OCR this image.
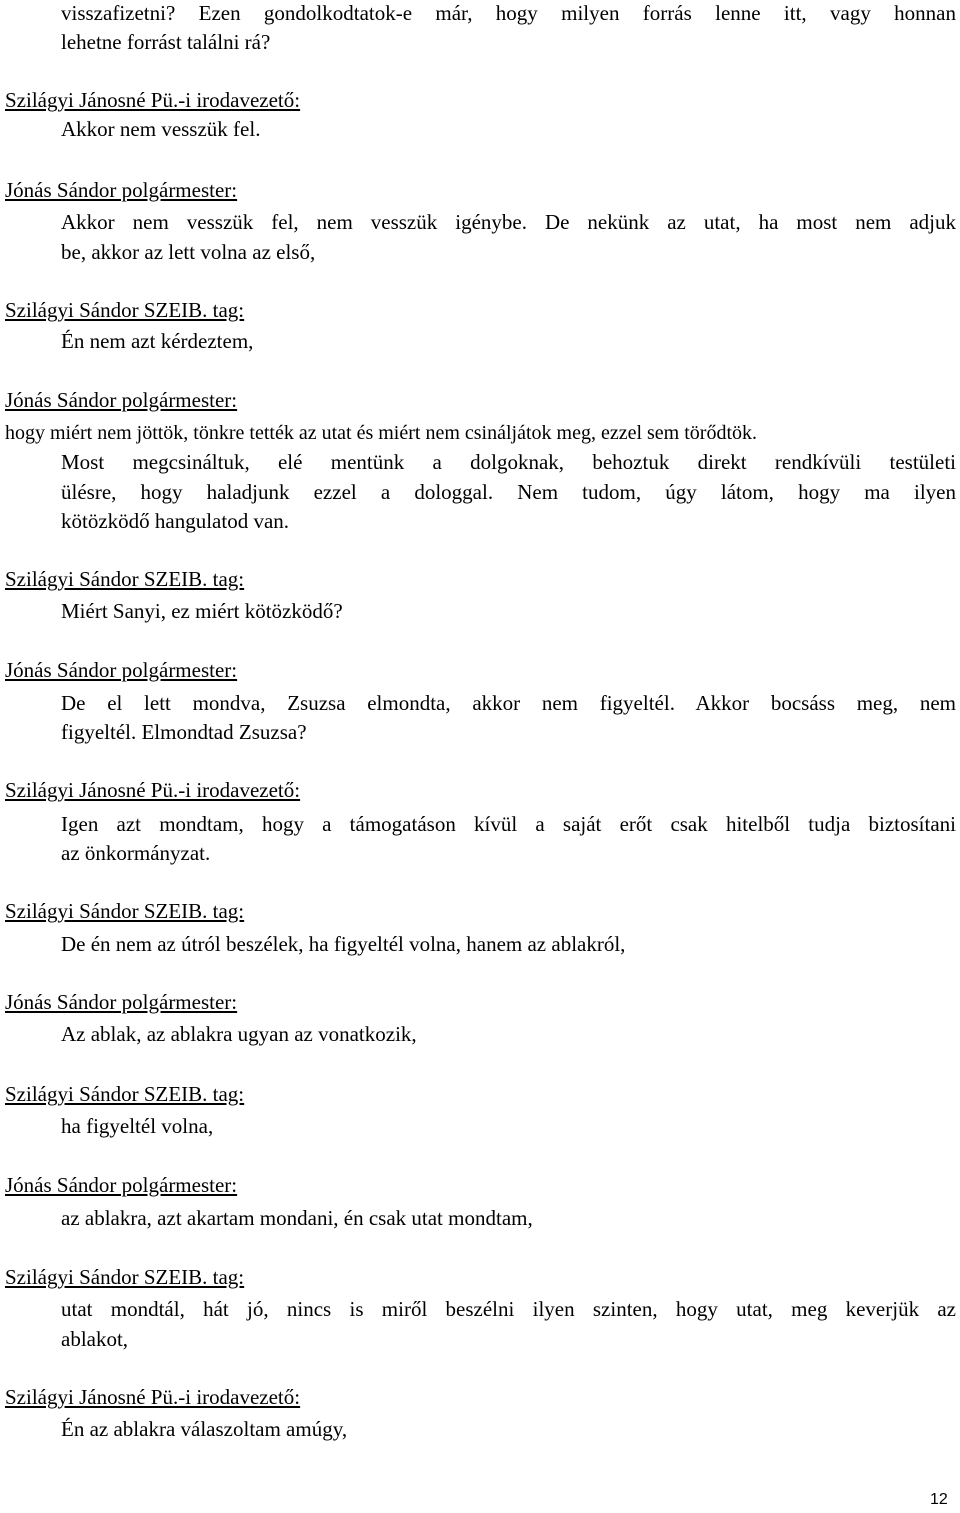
visszafizetni? Ezen gondolkodtatok-e már, hogy milyen forrás lenne itt, vagy honnan
lehetne forrást találni rá?
Szilágyi Jánosné Pü.-i irodavezető:
Akkor nem vesszük fel.
Jónás Sándor polgármester:
Akkor nem vesszük fel, nem vesszük igénybe. De nekünk az utat, ha most nem adjuk
be, akkor az lett volna az első,
Szilágyi Sándor SZEIB. tag:
Én nem azt kérdeztem,
Jónás Sándor polgármester:
hogy miért nem jöttök, tönkre tették az utat és miért nem csináljátok meg, ezzel sem törődtök.
Most megcsináltuk, elé mentünk a dolgoknak, behoztuk direkt rendkívüli testületi
ülésre, hogy haladjunk ezzel a dologgal. Nem tudom, úgy látom, hogy ma ilyen
kötözködő hangulatod van.
Szilágyi Sándor SZEIB. tag:
Miért Sanyi, ez miért kötözködő?
Jónás Sándor polgármester:
De el lett mondva, Zsuzsa elmondta, akkor nem figyeltél. Akkor bocsáss meg, nem
figyeltél. Elmondtad Zsuzsa?
Szilágyi Jánosné Pü.-i irodavezető:
Igen azt mondtam, hogy a támogatáson kívül a saját erőt csak hitelből tudja biztosítani
az önkormányzat.
Szilágyi Sándor SZEIB. tag:
De én nem az útról beszélek, ha figyeltél volna, hanem az ablakról,
Jónás Sándor polgármester:
Az ablak, az ablakra ugyan az vonatkozik,
Szilágyi Sándor SZEIB. tag:
ha figyeltél volna,
Jónás Sándor polgármester:
az ablakra, azt akartam mondani, én csak utat mondtam,
Szilágyi Sándor SZEIB. tag:
utat mondtál, hát jó, nincs is miről beszélni ilyen szinten, hogy utat, meg keverjük az
ablakot,
Szilágyi Jánosné Pü.-i irodavezető:
Én az ablakra válaszoltam amúgy,
12
